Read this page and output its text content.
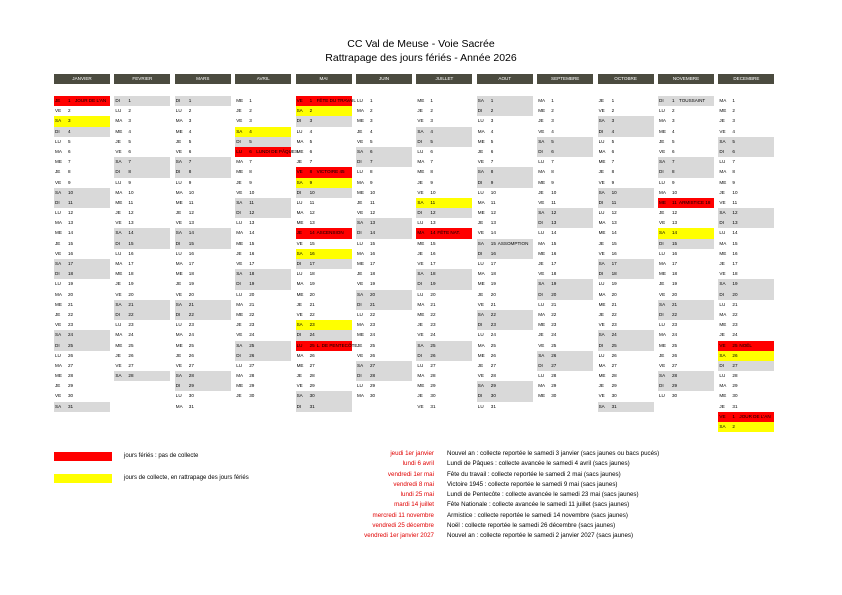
CC Val de Meuse - Voie Sacrée
Rattrapage des jours fériés - Année 2026
JANVIER
JE 1 JOUR DE L'AN
VE 2
SA 3
DI 4
LU 5
MA 6
ME 7
JE 8
VE 9
SA 10
DI 11
LU 12
MA 13
ME 14
JE 15
VE 16
SA 17
DI 18
LU 19
MA 20
ME 21
JE 22
VE 23
SA 24
DI 25
LU 26
MA 27
ME 28
JE 29
VE 30
SA 31
FEVRIER
DI 1
LU 2
MA 3
ME 4
JE 5
VE 6
SA 7
DI 8
LU 9
MA 10
ME 11
JE 12
VE 13
SA 14
DI 15
LU 16
MA 17
ME 18
JE 19
VE 20
SA 21
DI 22
LU 23
MA 24
ME 25
JE 26
VE 27
SA 28
MARS
DI 1
LU 2
MA 3
ME 4
JE 5
VE 6
SA 7
DI 8
LU 9
MA 10
ME 11
JE 12
VE 13
SA 14
DI 15
LU 16
MA 17
ME 18
JE 19
VE 20
SA 21
DI 22
LU 23
MA 24
ME 25
JE 26
VE 27
SA 28
DI 29
LU 30
MA 31
AVRIL
ME 1
JE 2
VE 3
SA 4
DI 5
LU 6 LUNDI DE PÂQUES
MA 7
ME 8
JE 9
VE 10
SA 11
DI 12
LU 13
MA 14
ME 15
JE 16
VE 17
SA 18
DI 19
LU 20
MA 21
ME 22
JE 23
VE 24
SA 25
DI 26
LU 27
MA 28
ME 29
JE 30
MAI
VE 1 FÊTE DU TRAVAIL
SA 2
DI 3
LU 4
MA 5
ME 6
JE 7
VE 8 VICTOIRE 45
SA 9
DI 10
LU 11
MA 12
ME 13
JE 14 ASCENSION
VE 15
SA 16
DI 17
LU 18
MA 19
ME 20
JE 21
VE 22
SA 23
DI 24
LU 25 L. DE PENTECÔTE
MA 26
ME 27
JE 28
VE 29
SA 30
DI 31
JUIN
LU 1
MA 2
ME 3
JE 4
VE 5
SA 6
DI 7
LU 8
MA 9
ME 10
JE 11
VE 12
SA 13
DI 14
LU 15
MA 16
ME 17
JE 18
VE 19
SA 20
DI 21
LU 22
MA 23
ME 24
JE 25
VE 26
SA 27
DI 28
LU 29
MA 30
JUILLET
ME 1
JE 2
VE 3
SA 4
DI 5
LU 6
MA 7
ME 8
JE 9
VE 10
SA 11
DI 12
LU 13
MA 14 FÊTE NAT.
ME 15
JE 16
VE 17
SA 18
DI 19
LU 20
MA 21
ME 22
JE 23
VE 24
SA 25
DI 26
LU 27
MA 28
ME 29
JE 30
VE 31
AOUT
SA 1
DI 2
LU 3
MA 4
ME 5
JE 6
VE 7
SA 8
DI 9
LU 10
MA 11
ME 12
JE 13
VE 14
SA 15 ASSOMPTION
DI 16
LU 17
MA 18
ME 19
JE 20
VE 21
SA 22
DI 23
LU 24
MA 25
ME 26
JE 27
VE 28
SA 29
DI 30
LU 31
SEPTEMBRE
MA 1
ME 2
JE 3
VE 4
SA 5
DI 6
LU 7
MA 8
ME 9
JE 10
VE 11
SA 12
DI 13
LU 14
MA 15
ME 16
JE 17
VE 18
SA 19
DI 20
LU 21
MA 22
ME 23
JE 24
VE 25
SA 26
DI 27
LU 28
MA 29
ME 30
OCTOBRE
JE 1
VE 2
SA 3
DI 4
LU 5
MA 6
ME 7
JE 8
VE 9
SA 10
DI 11
LU 12
MA 13
ME 14
JE 15
VE 16
SA 17
DI 18
LU 19
MA 20
ME 21
JE 22
VE 23
SA 24
DI 25
LU 26
MA 27
ME 28
JE 29
VE 30
SA 31
NOVEMBRE
DI 1 TOUSSAINT
LU 2
MA 3
ME 4
JE 5
VE 6
SA 7
DI 8
LU 9
MA 10
ME 11 ARMISTICE 18
JE 12
VE 13
SA 14
DI 15
LU 16
MA 17
ME 18
JE 19
VE 20
SA 21
DI 22
LU 23
MA 24
ME 25
JE 26
VE 27
SA 28
DI 29
LU 30
DECEMBRE
MA 1
ME 2
JE 3
VE 4
SA 5
DI 6
LU 7
MA 8
ME 9
JE 10
VE 11
SA 12
DI 13
LU 14
MA 15
ME 16
JE 17
VE 18
SA 19
DI 20
LU 21
MA 22
ME 23
JE 24
VE 25 NOËL
SA 26
DI 27
LU 28
MA 29
ME 30
JE 31
VE 1 JOUR DE L'AN
SA 2
jours fériés : pas de collecte
jours de collecte, en rattrapage des jours fériés
jeudi 1er janvier Nouvel an : collecte reportée le samedi 3 janvier (sacs jaunes ou bacs pucés)
lundi 6 avril Lundi de Pâques : collecte avancée le samedi 4 avril (sacs jaunes)
vendredi 1er mai Fête du travail : collecte reportée le samedi 2 mai (sacs jaunes)
vendredi 8 mai Victoire 1945 : collecte reportée le samedi 9 mai (sacs jaunes)
lundi 25 mai Lundi de Pentecôte : collecte avancée le samedi 23 mai (sacs jaunes)
mardi 14 juillet Fête Nationale : collecte avancée le samedi 11 juillet (sacs jaunes)
mercredi 11 novembre Armistice : collecte reportée le samedi 14 novembre (sacs jaunes)
vendredi 25 décembre Noël : collecte reportée le samedi 26 décembre (sacs jaunes)
vendredi 1er janvier 2027 Nouvel an : collecte reportée le samedi 2 janvier 2027 (sacs jaunes)
